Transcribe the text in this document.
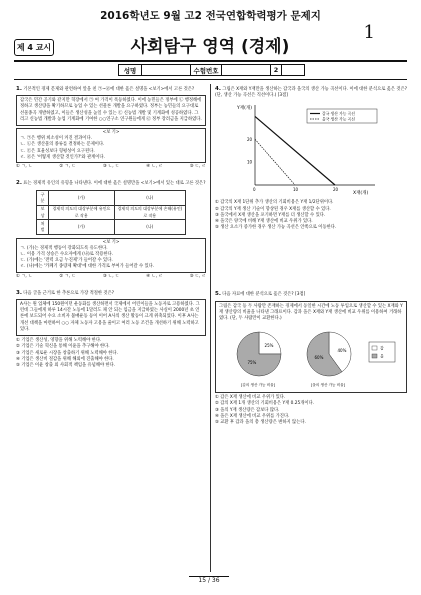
2016학년도 9월 고2 전국연합학력평가 문제지
1
제 4 교시	사회탐구 영역 (경제)
성명	수험번호	2
1. 기본적인 경제 문제와 관련하여 앞을 친 ㉠~㉣에 대한 옳은 설명을 <보기>에서 고른 것은?
갑국은 민간 공기와 같지만 혁장에서 ㉠ 여 가격이 폭등하였다. 이에 농민들은 정부에 ㉡ 행정해에 정하고 생산량을 확기하므로 농업 수 있는 선물론 개발을 요구하였다. 정부는 농민들의 요구대로 선물종곡 개발하였고, 이들은 생산성을 높일 수 있는 ㉢ 신농법 개발 및 기계화에 성공하였다. 그리고 신농법 개발과 농업 기계화에 기여한 ○○연구소 연구원들에게 ㉣ 정부 장려금을 지급하였다.
<보 기>
ㄱ. ㉠은 행위 희소성이 커진 결과이다.
ㄴ. ㉡은 생산물의 종류를 결정하는 문제이다.
ㄷ. ㉢은 효율성보다 형평성이 요구된다.
ㄹ. ㉣은 '어떻게 생산할 것인가?'와 관계이다.
① ㄱ, ㄴ	② ㄱ, ㄷ	③ ㄴ, ㄷ	④ ㄴ, ㄹ	⑤ ㄷ, ㄹ
2. 표는 경제적 유인의 유형을 나타낸다. 이에 대한 옳은 설명만을 <보기>에서 있는 대로 고른 것은?
구분	(가)	(나)
보상	경제적 의도의 대상부분에 유인으로 작용	경제적 의도의 대상부분에 손해(유인)로 작용
처벌	(가)	(나)
<보 기>
ㄱ. (가)는 경제적 행동이 강화되도록 유도한다.
ㄴ. 이용 가격 상승은 수요자에게 (나)로 작용한다.
ㄷ. (가)에는 '전력 요금 누진제'가 들어갈 수 있다.
ㄹ. (나)에는 '카페기 종량제 확대'에 대한 가격로 부여가 들어갈 수 있다.
① ㄱ, ㄴ	② ㄱ, ㄷ	③ ㄴ, ㄷ	④ ㄴ, ㄹ	⑤ ㄷ, ㄹ
3. 다음 글을 근거로 한 추론으로 가장 적절한 것은?
A사는 원 업체에 150원이던 운동화를 생산하면서 국제에서 어린이들을 노동자로 고용하였다. 그런데 그들에게 하루 14시간 노동에 1달러도 채 안 되는 임금을 지급하였는 사실이 2000년 초 언론에 보도되어 수요 소비자 불매운동 등이 이어 A사의 생산 활동이 크게 위축되었다. 이후 A사는 개선 대책을 마련하여 ○○ 자체 노동자 고용을 줄이고 여러 노동 조건을 개선하기 위해 노력하고 있다.
① 기업은 생산성, 영향을 위해 노력해야 한다.
② 기업은 기술 혁신을 통해 이윤을 추구해야 한다.
③ 기업은 새로운 시장을 창출하기 위해 노력해야 한다.
④ 기업은 생산비 절감을 위해 해외에 진출해야 한다.
⑤ 기업은 이윤 창출 외 사회적 책임을 유념해야 한다.
4. 그림은 X재와 Y재만을 생산하는 갑국과 을국의 생산 가능 곡선이다. 이에 대한 분석으로 옳은 것은? (단, 생산 가능 곡선은 직선이다.) [3점]
Y재(개)
X재(개)
0	10	20
10
20
갑국 생산 가능 곡선
을국 생산 가능 곡선
① 갑국의 X재 1단위 추가 생산의 기회비용은 Y재 1/2단위이다.
② 갑국의 Y재 생산 기술이 향상된 경우 X재를 생산할 수 있다.
③ 을국에서 X재 생산을 포기하면 Y재를 더 생산할 수 있다.
④ 을국은 양국에 비해 Y재 생산에 비교 우위가 있다.
⑤ 생산 요소가 증가한 경우 생산 가능 곡선은 안쪽으로 이동한다.
5. 다음 자료에 대한 분석으로 옳은 것은? [3점]
그림은 갑국 등 두 사람만 존재하는 경제에서 동일한 시간에 노동 투입으로 생산할 수 있는 X재와 Y재 생산량의 비율을 나타낸 그래프이다. 갑과 을은 X재와 Y재 생산에 비교 우위를 이용하여 거래하였다. (단, 두 사람만이 교환한다.)
25%
75%
40%
60%
[갑의 생산 가능 비율]	[을의 생산 가능 비율]
갑
을
① 갑은 X재 생산에 비교 우위가 있다.
② 갑의 X재 1개 생산의 기회비용은 Y재 0.25개이다.
③ 을의 Y재 생산량은 갑보다 많다.
④ 을은 X재 생산에 비교 우위를 가진다.
⑤ 교환 후 갑과 을의 총 생산량은 변하지 않는다.
15 / 36
